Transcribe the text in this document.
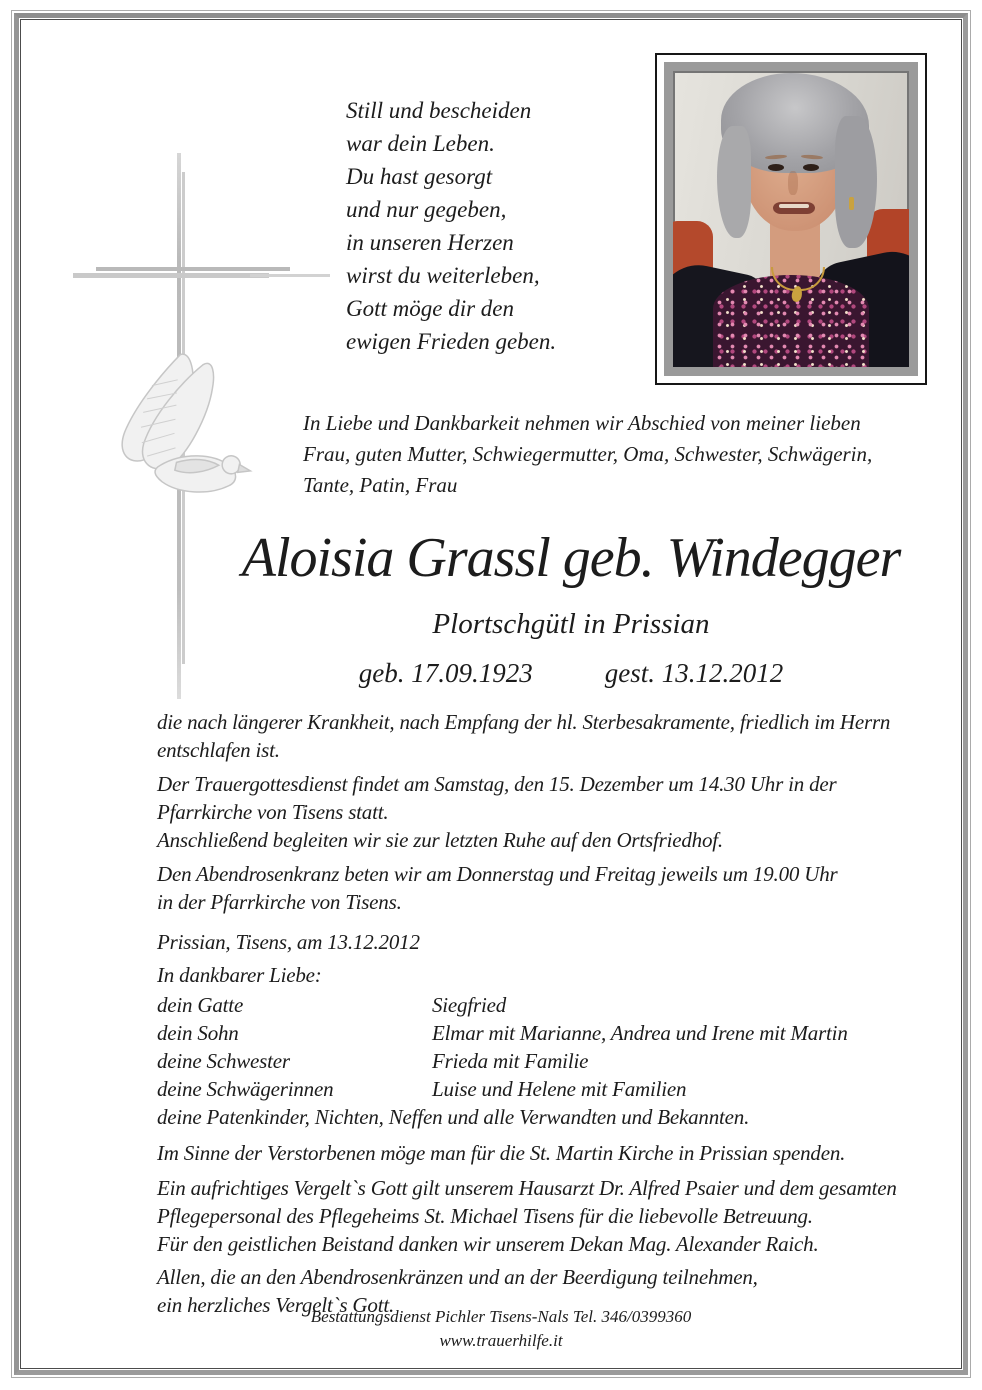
Still und bescheiden
war dein Leben.
Du hast gesorgt
und nur gegeben,
in unseren Herzen
wirst du weiterleben,
Gott möge dir den
ewigen Frieden geben.
In Liebe und Dankbarkeit nehmen wir Abschied von meiner lieben
Frau, guten Mutter, Schwiegermutter, Oma, Schwester, Schwägerin,
Tante, Patin, Frau
Aloisia Grassl geb. Windegger
Plortschgütl in Prissian
geb. 17.09.1923	gest. 13.12.2012
die nach längerer Krankheit, nach Empfang der hl. Sterbesakramente, friedlich im Herrn
entschlafen ist.
Der Trauergottesdienst findet am Samstag, den 15. Dezember um 14.30 Uhr in der
Pfarrkirche von Tisens statt.
Anschließend begleiten wir sie zur letzten Ruhe auf den Ortsfriedhof.
Den Abendrosenkranz beten wir am Donnerstag und Freitag jeweils um 19.00 Uhr
in der Pfarrkirche von Tisens.
Prissian, Tisens, am 13.12.2012
In dankbarer Liebe:
dein Gatte	Siegfried
dein Sohn	Elmar mit Marianne, Andrea und Irene mit Martin
deine Schwester	Frieda mit Familie
deine Schwägerinnen	Luise und Helene mit Familien
deine Patenkinder, Nichten, Neffen und alle Verwandten und Bekannten.
Im Sinne der Verstorbenen möge man für die St. Martin Kirche in Prissian spenden.
Ein aufrichtiges Vergelt`s Gott gilt unserem Hausarzt Dr. Alfred Psaier und dem gesamten
Pflegepersonal des Pflegeheims St. Michael Tisens für die liebevolle Betreuung.
Für den geistlichen Beistand danken wir unserem Dekan Mag. Alexander Raich.
Allen, die an den Abendrosenkränzen und an der Beerdigung teilnehmen,
ein herzliches Vergelt`s Gott.
Bestattungsdienst Pichler Tisens-Nals Tel. 346/0399360
www.trauerhilfe.it
